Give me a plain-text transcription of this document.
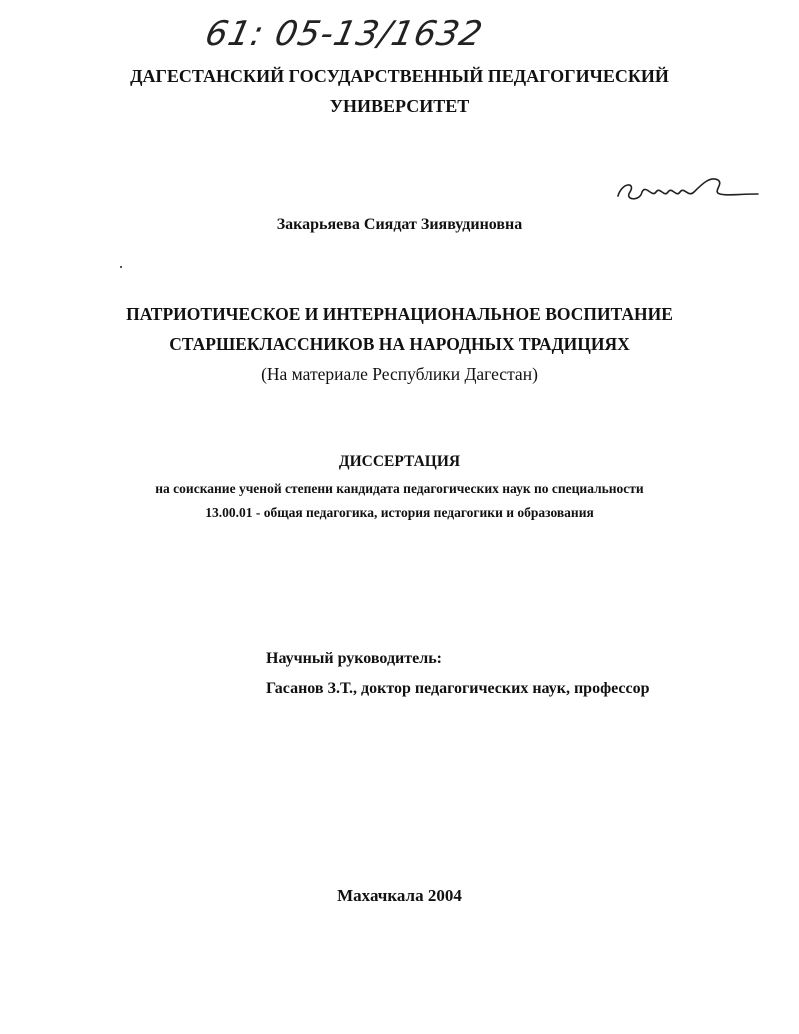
61: 05-13/1632
ДАГЕСТАНСКИЙ ГОСУДАРСТВЕННЫЙ ПЕДАГОГИЧЕСКИЙ
УНИВЕРСИТЕТ
Закарьяева Сиядат Зиявудиновна
ПАТРИОТИЧЕСКОЕ И ИНТЕРНАЦИОНАЛЬНОЕ ВОСПИТАНИЕ
СТАРШЕКЛАССНИКОВ НА НАРОДНЫХ ТРАДИЦИЯХ
(На материале Республики Дагестан)
ДИССЕРТАЦИЯ
на соискание ученой степени кандидата педагогических наук по специальности
13.00.01 - общая педагогика, история педагогики и образования
Научный руководитель:
Гасанов З.Т., доктор педагогических наук, профессор
Махачкала 2004
